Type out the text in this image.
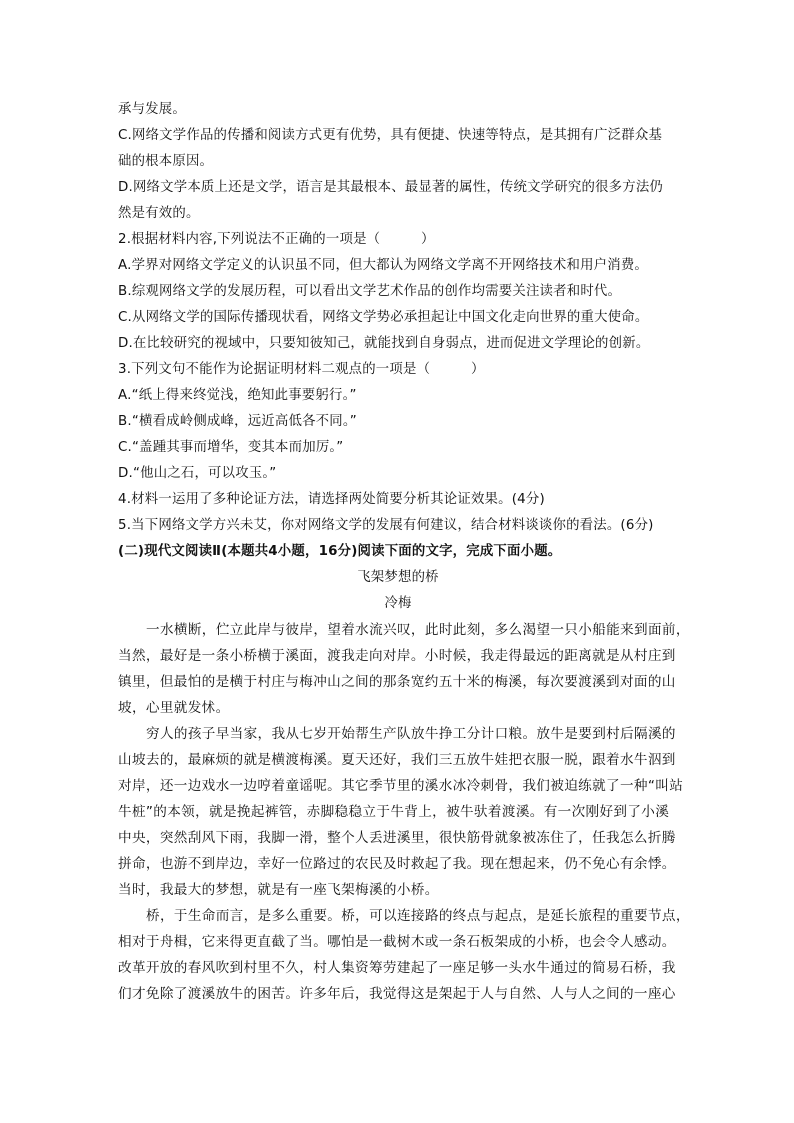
承与发展。
C.网络文学作品的传播和阅读方式更有优势，具有便捷、快速等特点，是其拥有广泛群众基
础的根本原因。
D.网络文学本质上还是文学，语言是其最根本、最显著的属性，传统文学研究的很多方法仍
然是有效的。
2.根据材料内容,下列说法不正确的一项是（　　　）
A.学界对网络文学定义的认识虽不同，但大都认为网络文学离不开网络技术和用户消费。
B.综观网络文学的发展历程，可以看出文学艺术作品的创作均需要关注读者和时代。
C.从网络文学的国际传播现状看，网络文学势必承担起让中国文化走向世界的重大使命。
D.在比较研究的视域中，只要知彼知己，就能找到自身弱点，进而促进文学理论的创新。
3.下列文句不能作为论据证明材料二观点的一项是（　　　）
A.“纸上得来终觉浅，绝知此事要躬行。”
B.“横看成岭侧成峰，远近高低各不同。”
C.“盖踵其事而增华，变其本而加厉。”
D.“他山之石，可以攻玉。”
4.材料一运用了多种论证方法，请选择两处简要分析其论证效果。(4分)
5.当下网络文学方兴未艾，你对网络文学的发展有何建议，结合材料谈谈你的看法。(6分)
(二)现代文阅读Ⅱ(本题共4小题，16分)阅读下面的文字，完成下面小题。
飞架梦想的桥
冷梅
一水横断，伫立此岸与彼岸，望着水流兴叹，此时此刻，多么渴望一只小船能来到面前，
当然，最好是一条小桥横于溪面，渡我走向对岸。小时候，我走得最远的距离就是从村庄到
镇里，但最怕的是横于村庄与梅冲山之间的那条宽约五十米的梅溪，每次要渡溪到对面的山
坡，心里就发怵。
穷人的孩子早当家，我从七岁开始帮生产队放牛挣工分计口粮。放牛是要到村后隔溪的
山坡去的，最麻烦的就是横渡梅溪。夏天还好，我们三五放牛娃把衣服一脱，跟着水牛泅到
对岸，还一边戏水一边哼着童谣呢。其它季节里的溪水冰冷刺骨，我们被迫练就了一种“叫站
牛桩”的本领，就是挽起裤管，赤脚稳稳立于牛背上，被牛驮着渡溪。有一次刚好到了小溪
中央，突然刮风下雨，我脚一滑，整个人丢进溪里，很快筋骨就象被冻住了，任我怎么折腾
拼命，也游不到岸边，幸好一位路过的农民及时救起了我。现在想起来，仍不免心有余悸。
当时，我最大的梦想，就是有一座飞架梅溪的小桥。
桥，于生命而言，是多么重要。桥，可以连接路的终点与起点，是延长旅程的重要节点，
相对于舟楫，它来得更直截了当。哪怕是一截树木或一条石板架成的小桥，也会令人感动。
改革开放的春风吹到村里不久，村人集资筹劳建起了一座足够一头水牛通过的简易石桥，我
们才免除了渡溪放牛的困苦。许多年后，我觉得这是架起于人与自然、人与人之间的一座心
